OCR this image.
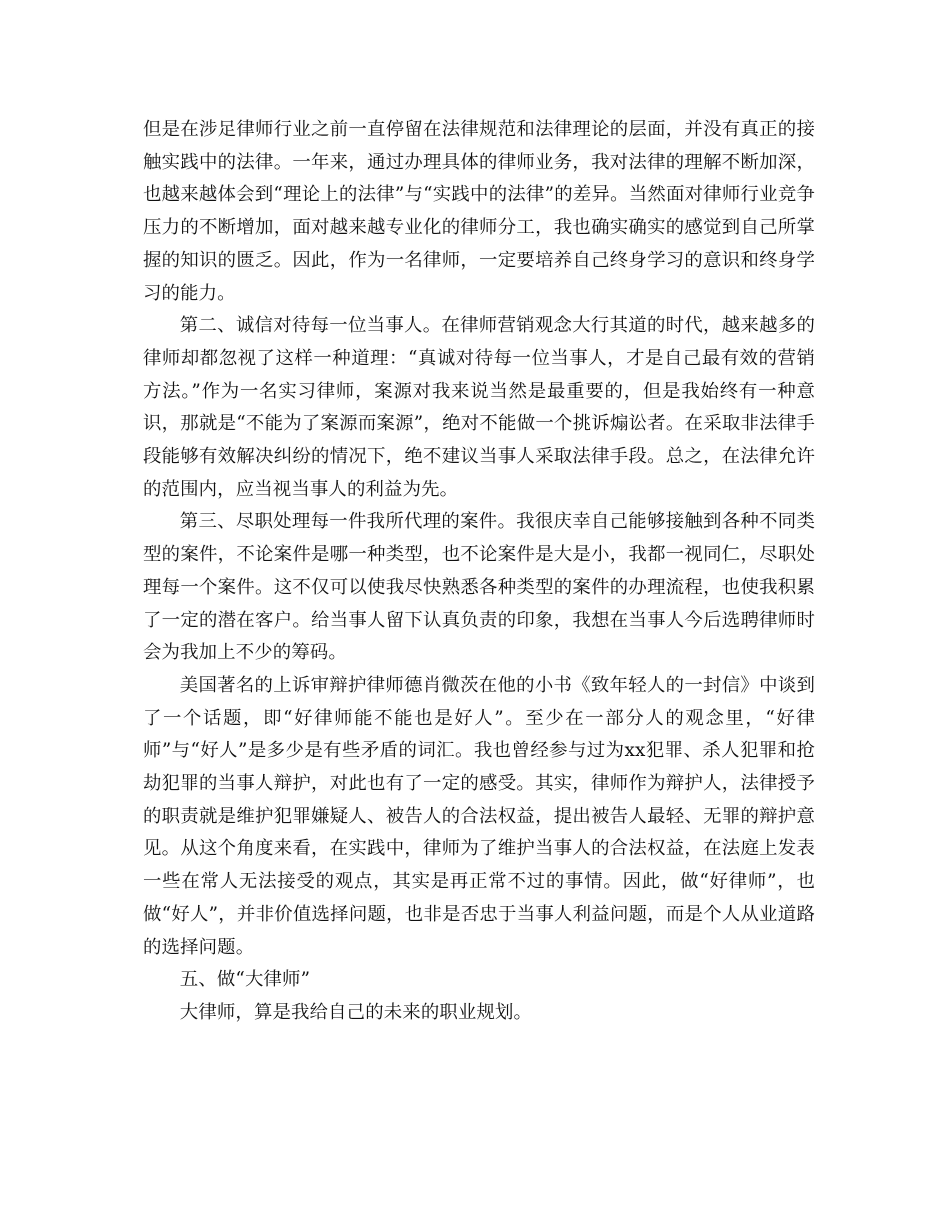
但是在涉足律师行业之前一直停留在法律规范和法律理论的层面，并没有真正的接触实践中的法律。一年来，通过办理具体的律师业务，我对法律的理解不断加深，也越来越体会到“理论上的法律”与“实践中的法律”的差异。当然面对律师行业竞争压力的不断增加，面对越来越专业化的律师分工，我也确实确实的感觉到自己所掌握的知识的匮乏。因此，作为一名律师，一定要培养自己终身学习的意识和终身学习的能力。

第二、诚信对待每一位当事人。在律师营销观念大行其道的时代，越来越多的律师却都忽视了这样一种道理：“真诚对待每一位当事人，才是自己最有效的营销方法。”作为一名实习律师，案源对我来说当然是最重要的，但是我始终有一种意识，那就是“不能为了案源而案源”，绝对不能做一个挑诉煽讼者。在采取非法律手段能够有效解决纠纷的情况下，绝不建议当事人采取法律手段。总之，在法律允许的范围内，应当视当事人的利益为先。

第三、尽职处理每一件我所代理的案件。我很庆幸自己能够接触到各种不同类型的案件，不论案件是哪一种类型，也不论案件是大是小，我都一视同仁，尽职处理每一个案件。这不仅可以使我尽快熟悉各种类型的案件的办理流程，也使我积累了一定的潜在客户。给当事人留下认真负责的印象，我想在当事人今后选聘律师时会为我加上不少的筹码。

美国著名的上诉审辩护律师德肖微茨在他的小书《致年轻人的一封信》中谈到了一个话题，即“好律师能不能也是好人”。至少在一部分人的观念里，“好律师”与“好人”是多少是有些矛盾的词汇。我也曾经参与过为xx犯罪、杀人犯罪和抢劫犯罪的当事人辩护，对此也有了一定的感受。其实，律师作为辩护人，法律授予的职责就是维护犯罪嫌疑人、被告人的合法权益，提出被告人最轻、无罪的辩护意见。从这个角度来看，在实践中，律师为了维护当事人的合法权益，在法庭上发表一些在常人无法接受的观点，其实是再正常不过的事情。因此，做“好律师”，也做“好人”，并非价值选择问题，也非是否忠于当事人利益问题，而是个人从业道路的选择问题。

五、做“大律师”

大律师，算是我给自己的未来的职业规划。
